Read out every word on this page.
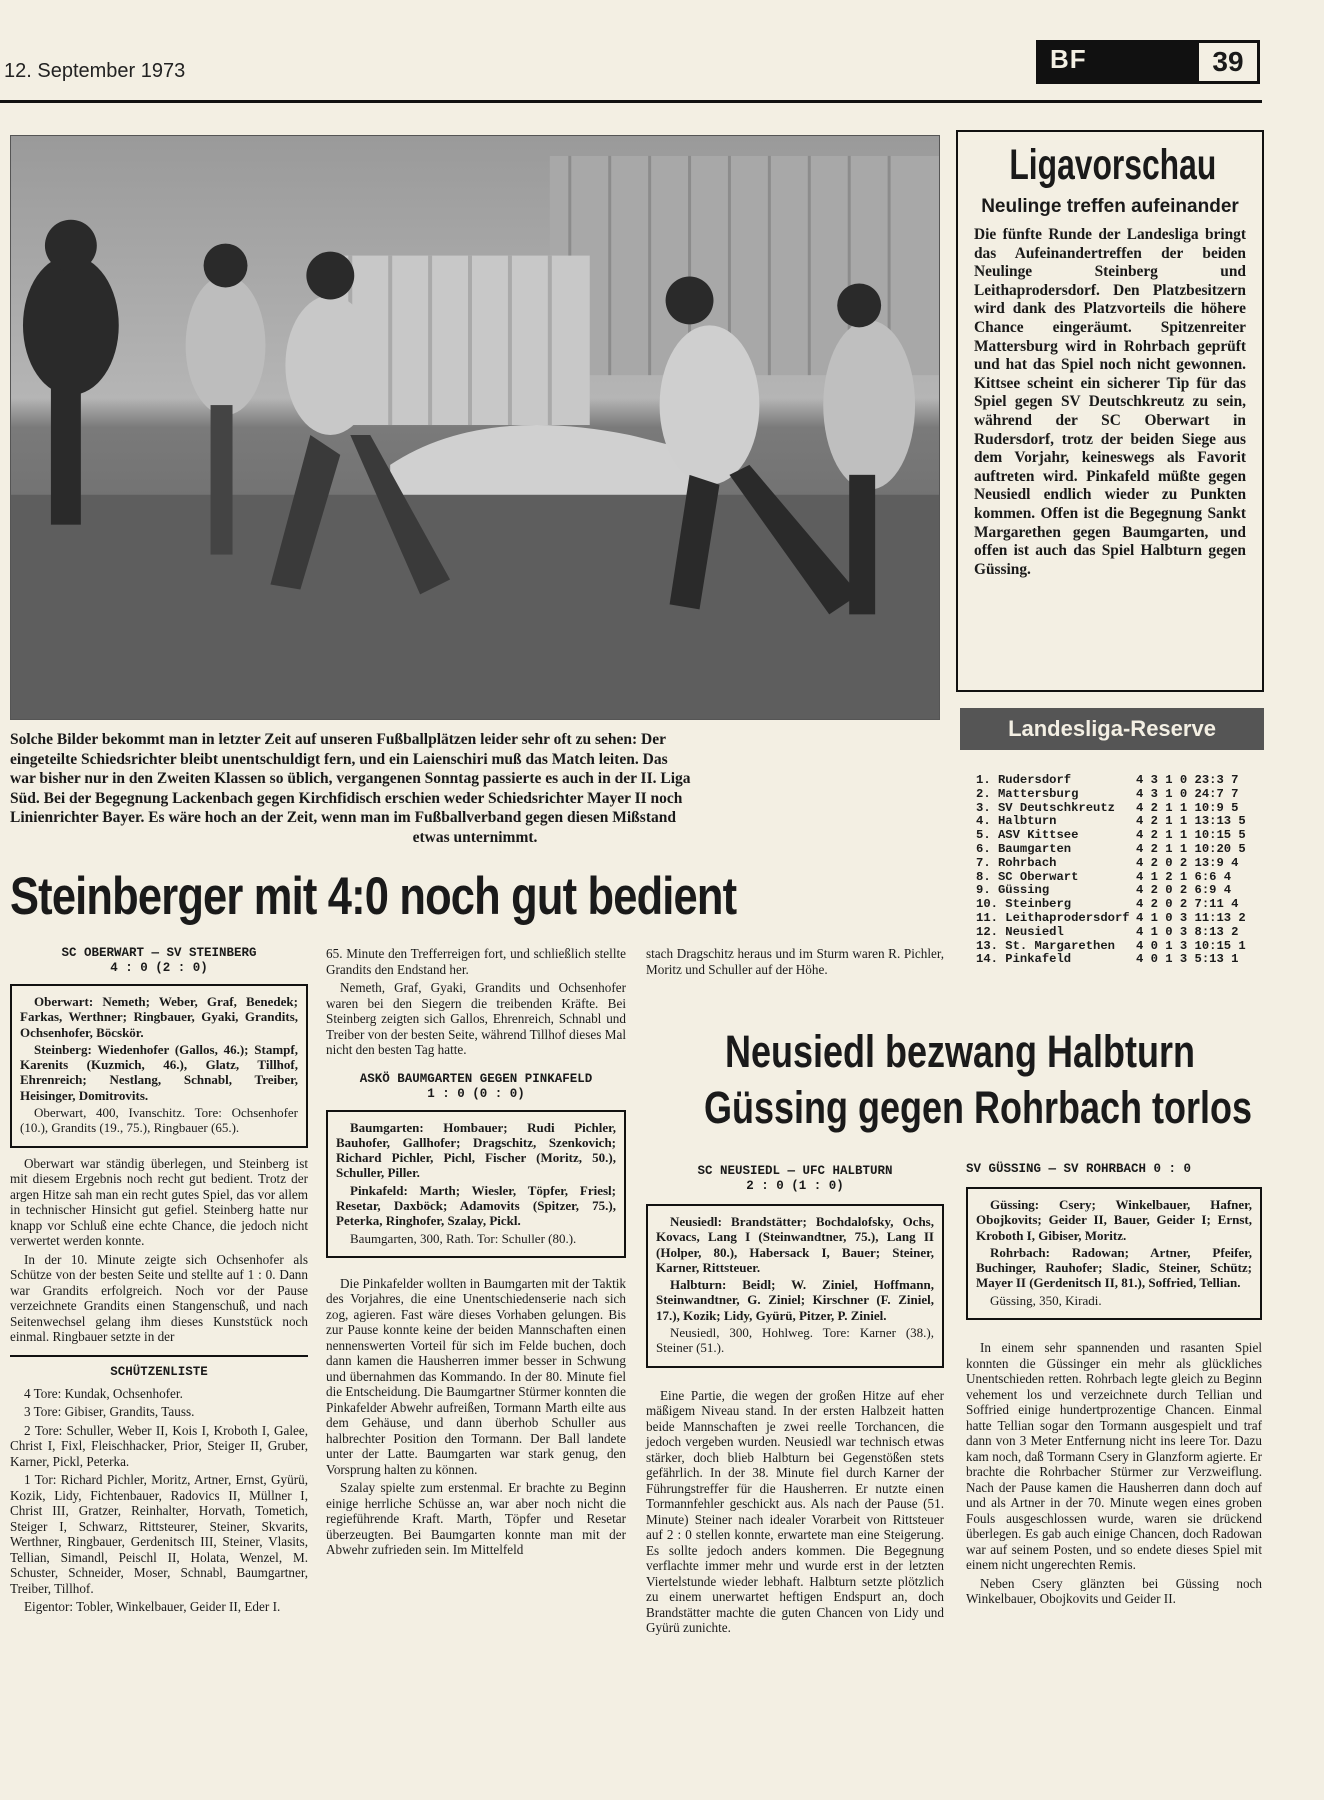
12. September 1973	BF	39
Solche Bilder bekommt man in letzter Zeit auf unseren Fußballplätzen leider sehr oft zu sehen: Der
eingeteilte Schiedsrichter bleibt unentschuldigt fern, und ein Laienschiri muß das Match leiten. Das
war bisher nur in den Zweiten Klassen so üblich, vergangenen Sonntag passierte es auch in der II. Liga
Süd. Bei der Begegnung Lackenbach gegen Kirchfidisch erschien weder Schiedsrichter Mayer II noch
Linienrichter Bayer. Es wäre hoch an der Zeit, wenn man im Fußballverband gegen diesen Mißstand
etwas unternimmt.
Steinberger mit 4:0 noch gut bedient
SC OBERWART — SV STEINBERG
4 : 0 (2 : 0)

Oberwart: Nemeth; Weber, Graf, Benedek; Farkas, Werthner; Ringbauer, Gyaki, Grandits, Ochsenhofer, Böcskör.

Steinberg: Wiedenhofer (Gallos, 46.); Stampf, Karenits (Kuzmich, 46.), Glatz, Tillhof, Ehrenreich; Nestlang, Schnabl, Treiber, Heisinger, Domitrovits.

Oberwart, 400, Ivanschitz. Tore: Ochsenhofer (10.), Grandits (19., 75.), Ringbauer (65.).

Oberwart war ständig überlegen, und Steinberg ist mit diesem Ergebnis noch recht gut bedient. Trotz der argen Hitze sah man ein recht gutes Spiel, das vor allem in technischer Hinsicht gut gefiel. Steinberg hatte nur knapp vor Schluß eine echte Chance, die jedoch nicht verwertet werden konnte.

In der 10. Minute zeigte sich Ochsenhofer als Schütze von der besten Seite und stellte auf 1 : 0. Dann war Grandits erfolgreich. Noch vor der Pause verzeichnete Grandits einen Stangenschuß, und nach Seitenwechsel gelang ihm dieses Kunststück noch einmal. Ringbauer setzte in der

SCHÜTZENLISTE

4 Tore: Kundak, Ochsenhofer.

3 Tore: Gibiser, Grandits, Tauss.

2 Tore: Schuller, Weber II, Kois I, Kroboth I, Galee, Christ I, Fixl, Fleischhacker, Prior, Steiger II, Gruber, Karner, Pickl, Peterka.

1 Tor: Richard Pichler, Moritz, Artner, Ernst, Gyürü, Kozik, Lidy, Fichtenbauer, Radovics II, Müllner I, Christ III, Gratzer, Reinhalter, Horvath, Tometich, Steiger I, Schwarz, Rittsteurer, Steiner, Skvarits, Werthner, Ringbauer, Gerdenitsch III, Steiner, Vlasits, Tellian, Simandl, Peischl II, Holata, Wenzel, M. Schuster, Schneider, Moser, Schnabl, Baumgartner, Treiber, Tillhof.

Eigentor: Tobler, Winkelbauer, Geider II, Eder I.

65. Minute den Trefferreigen fort, und schließlich stellte Grandits den Endstand her.

Nemeth, Graf, Gyaki, Grandits und Ochsenhofer waren bei den Siegern die treibenden Kräfte. Bei Steinberg zeigten sich Gallos, Ehrenreich, Schnabl und Treiber von der besten Seite, während Tillhof dieses Mal nicht den besten Tag hatte.

ASKÖ BAUMGARTEN GEGEN PINKAFELD
1 : 0 (0 : 0)

Baumgarten: Hombauer; Rudi Pichler, Bauhofer, Gallhofer; Dragschitz, Szenkovich; Richard Pichler, Pichl, Fischer (Moritz, 50.), Schuller, Piller.

Pinkafeld: Marth; Wiesler, Töpfer, Friesl; Resetar, Daxböck; Adamovits (Spitzer, 75.), Peterka, Ringhofer, Szalay, Pickl.

Baumgarten, 300, Rath. Tor: Schuller (80.).

Die Pinkafelder wollten in Baumgarten mit der Taktik des Vorjahres, die eine Unentschiedenserie nach sich zog, agieren. Fast wäre dieses Vorhaben gelungen. Bis zur Pause konnte keine der beiden Mannschaften einen nennenswerten Vorteil für sich im Felde buchen, doch dann kamen die Hausherren immer besser in Schwung und übernahmen das Kommando. In der 80. Minute fiel die Entscheidung. Die Baumgartner Stürmer konnten die Pinkafelder Abwehr aufreißen, Tormann Marth eilte aus dem Gehäuse, und dann überhob Schuller aus halbrechter Position den Tormann. Der Ball landete unter der Latte. Baumgarten war stark genug, den Vorsprung halten zu können.

Szalay spielte zum erstenmal. Er brachte zu Beginn einige herrliche Schüsse an, war aber noch nicht die regieführende Kraft. Marth, Töpfer und Resetar überzeugten. Bei Baumgarten konnte man mit der Abwehr zufrieden sein. Im Mittelfeld

stach Dragschitz heraus und im Sturm waren R. Pichler, Moritz und Schuller auf der Höhe.

Ligavorschau
Neulinge treffen aufeinander
Die fünfte Runde der Landesliga bringt das Aufeinandertreffen der beiden Neulinge Steinberg und Leithaprodersdorf. Den Platzbesitzern wird dank des Platzvorteils die höhere Chance eingeräumt. Spitzenreiter Mattersburg wird in Rohrbach geprüft und hat das Spiel noch nicht gewonnen. Kittsee scheint ein sicherer Tip für das Spiel gegen SV Deutschkreutz zu sein, während der SC Oberwart in Rudersdorf, trotz der beiden Siege aus dem Vorjahr, keineswegs als Favorit auftreten wird. Pinkafeld müßte gegen Neusiedl endlich wieder zu Punkten kommen. Offen ist die Begegnung Sankt Margarethen gegen Baumgarten, und offen ist auch das Spiel Halbturn gegen Güssing.
Landesliga-Reserve
1. Rudersdorf	4 3 1 0 23:3 7
2. Mattersburg	4 3 1 0 24:7 7
3. SV Deutschkreutz	4 2 1 1 10:9 5
4. Halbturn	4 2 1 1 13:13 5
5. ASV Kittsee	4 2 1 1 10:15 5
6. Baumgarten	4 2 1 1 10:20 5
7. Rohrbach	4 2 0 2 13:9 4
8. SC Oberwart	4 1 2 1 6:6 4
9. Güssing	4 2 0 2 6:9 4
10. Steinberg	4 2 0 2 7:11 4
11. Leithaprodersdorf 4 1 0 3 11:13 2
12. Neusiedl	4 1 0 3 8:13 2
13. St. Margarethen	4 0 1 3 10:15 1
14. Pinkafeld	4 0 1 3 5:13 1
Neusiedl bezwang Halbturn
Güssing gegen Rohrbach torlos
SC NEUSIEDL — UFC HALBTURN
2 : 0 (1 : 0)

Neusiedl: Brandstätter; Bochdalofsky, Ochs, Kovacs, Lang I (Steinwandtner, 75.), Lang II (Holper, 80.), Habersack I, Bauer; Steiner, Karner, Rittsteuer.

Halbturn: Beidl; W. Ziniel, Hoffmann, Steinwandtner, G. Ziniel; Kirschner (F. Ziniel, 17.), Kozik; Lidy, Gyürü, Pitzer, P. Ziniel.

Neusiedl, 300, Hohlweg. Tore: Karner (38.), Steiner (51.).

Eine Partie, die wegen der großen Hitze auf eher mäßigem Niveau stand. In der ersten Halbzeit hatten beide Mannschaften je zwei reelle Torchancen, die jedoch vergeben wurden. Neusiedl war technisch etwas stärker, doch blieb Halbturn bei Gegenstößen stets gefährlich. In der 38. Minute fiel durch Karner der Führungstreffer für die Hausherren. Er nutzte einen Tormannfehler geschickt aus. Als nach der Pause (51. Minute) Steiner nach idealer Vorarbeit von Rittsteuer auf 2 : 0 stellen konnte, erwartete man eine Steigerung. Es sollte jedoch anders kommen. Die Begegnung verflachte immer mehr und wurde erst in der letzten Viertelstunde wieder lebhaft. Halbturn setzte plötzlich zu einem unerwartet heftigen Endspurt an, doch Brandstätter machte die guten Chancen von Lidy und Gyürü zunichte.

SV GÜSSING — SV ROHRBACH 0 : 0

Güssing: Csery; Winkelbauer, Hafner, Obojkovits; Geider II, Bauer, Geider I; Ernst, Kroboth I, Gibiser, Moritz.

Rohrbach: Radowan; Artner, Pfeifer, Buchinger, Rauhofer; Sladic, Steiner, Schütz; Mayer II (Gerdenitsch II, 81.), Soffried, Tellian.

Güssing, 350, Kiradi.

In einem sehr spannenden und rasanten Spiel konnten die Güssinger ein mehr als glückliches Unentschieden retten. Rohrbach legte gleich zu Beginn vehement los und verzeichnete durch Tellian und Soffried einige hundertprozentige Chancen. Einmal hatte Tellian sogar den Tormann ausgespielt und traf dann von 3 Meter Entfernung nicht ins leere Tor. Dazu kam noch, daß Tormann Csery in Glanzform agierte. Er brachte die Rohrbacher Stürmer zur Verzweiflung. Nach der Pause kamen die Hausherren dann doch auf und als Artner in der 70. Minute wegen eines groben Fouls ausgeschlossen wurde, waren sie drückend überlegen. Es gab auch einige Chancen, doch Radowan war auf seinem Posten, und so endete dieses Spiel mit einem nicht ungerechten Remis.

Neben Csery glänzten bei Güssing noch Winkelbauer, Obojkovits und Geider II.
